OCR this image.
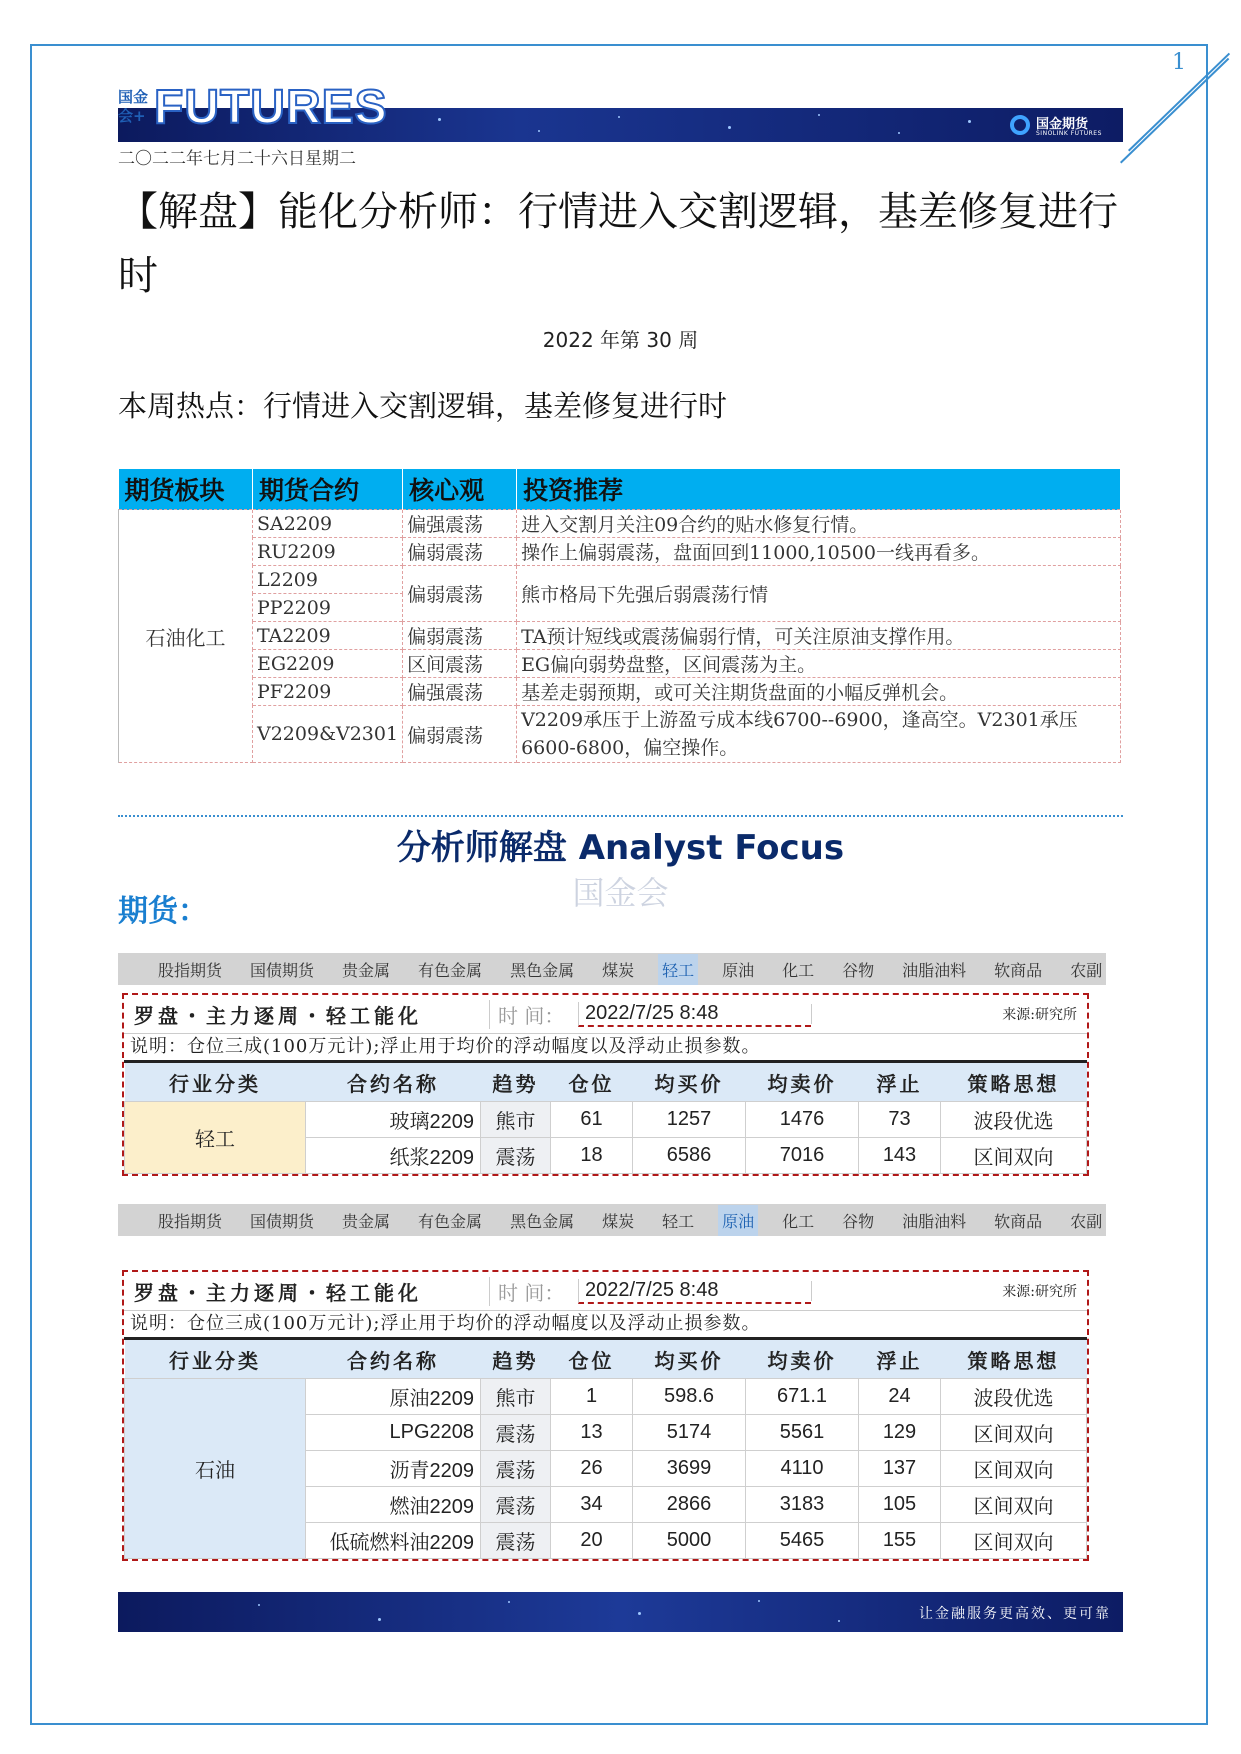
1
国金会+ FUTURES	国金期货
SINOLINK FUTURES
二〇二二年七月二十六日星期二
【解盘】能化分析师：行情进入交割逻辑，基差修复进行时
2022 年第 30 周
本周热点：行情进入交割逻辑，基差修复进行时
期货板块	期货合约	核心观	投资推荐
石油化工	SA2209	偏强震荡	进入交割月关注09合约的贴水修复行情。
	RU2209	偏弱震荡	操作上偏弱震荡，盘面回到11000,10500一线再看多。
	L2209	偏弱震荡	熊市格局下先强后弱震荡行情
	PP2209		
	TA2209	偏弱震荡	TA预计短线或震荡偏弱行情，可关注原油支撑作用。
	EG2209	区间震荡	EG偏向弱势盘整，区间震荡为主。
	PF2209	偏强震荡	基差走弱预期，或可关注期货盘面的小幅反弹机会。
	V2209&V2301	偏弱震荡	V2209承压于上游盈亏成本线6700--6900，逢高空。V2301承压6600-6800，偏空操作。
分析师解盘 Analyst Focus
国金会
期货：
股指期货 国债期货 贵金属 有色金属 黑色金属 煤炭 轻工 原油 化工 谷物 油脂油料 软商品 农副
罗盘・主力逐周・轻工能化	时 间：	2022/7/25 8:48	来源:研究所
说明：仓位三成(100万元计);浮止用于均价的浮动幅度以及浮动止损参数。
行业分类	合约名称	趋势	仓位	均买价	均卖价	浮止	策略思想
轻工	玻璃2209	熊市	61	1257	1476	73	波段优选
	纸浆2209	震荡	18	6586	7016	143	区间双向
股指期货 国债期货 贵金属 有色金属 黑色金属 煤炭 轻工 原油 化工 谷物 油脂油料 软商品 农副
罗盘・主力逐周・轻工能化	时 间：	2022/7/25 8:48	来源:研究所
说明：仓位三成(100万元计);浮止用于均价的浮动幅度以及浮动止损参数。
行业分类	合约名称	趋势	仓位	均买价	均卖价	浮止	策略思想
石油	原油2209	熊市	1	598.6	671.1	24	波段优选
	LPG2208	震荡	13	5174	5561	129	区间双向
	沥青2209	震荡	26	3699	4110	137	区间双向
	燃油2209	震荡	34	2866	3183	105	区间双向
	低硫燃料油2209	震荡	20	5000	5465	155	区间双向
让金融服务更高效、更可靠
